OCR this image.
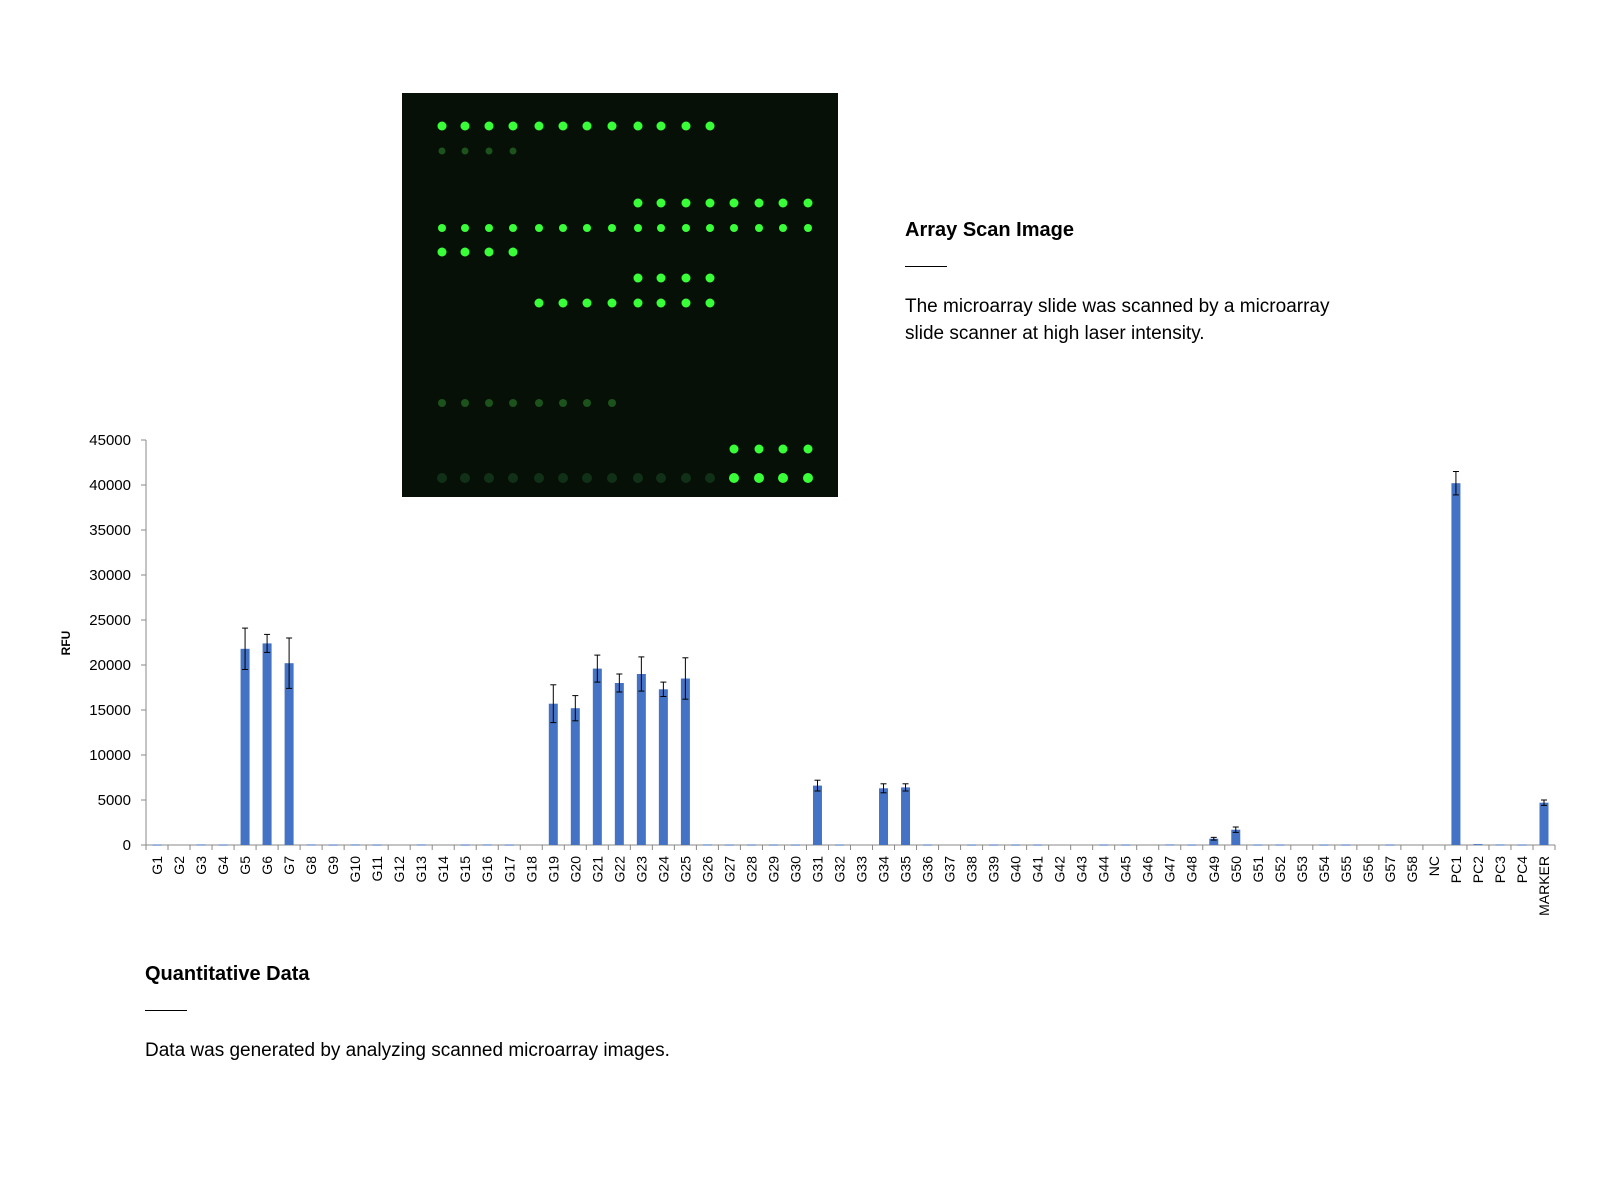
Array Scan Image
The microarray slide was scanned by a microarray slide scanner at high laser intensity.
0
5000
10000
15000
20000
25000
30000
35000
40000
45000
RFU
G1 G2 G3 G4 G5 G6 G7 G8 G9 G10 G11 G12 G13 G14 G15 G16 G17 G18 G19 G20 G21 G22 G23 G24 G25 G26 G27 G28 G29 G30 G31 G32 G33 G34 G35 G36 G37 G38 G39 G40 G41 G42 G43 G44 G45 G46 G47 G48 G49 G50 G51 G52 G53 G54 G55 G56 G57 G58 NC PC1 PC2 PC3 PC4 MARKER
Quantitative Data
Data was generated by analyzing scanned microarray images.
